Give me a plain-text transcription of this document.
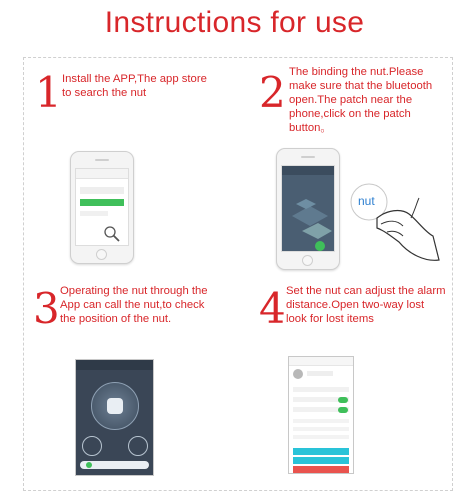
Instructions for use
1 Install the APP,The app store to search the nut	2 The binding the nut.Please make sure that the bluetooth open.The patch near the phone,click on the patch button。
nut
3 Operating the nut through the App can call the nut,to check the position of the nut.	4 Set the nut can adjust the alarm distance.Open two-way lost look for lost items
